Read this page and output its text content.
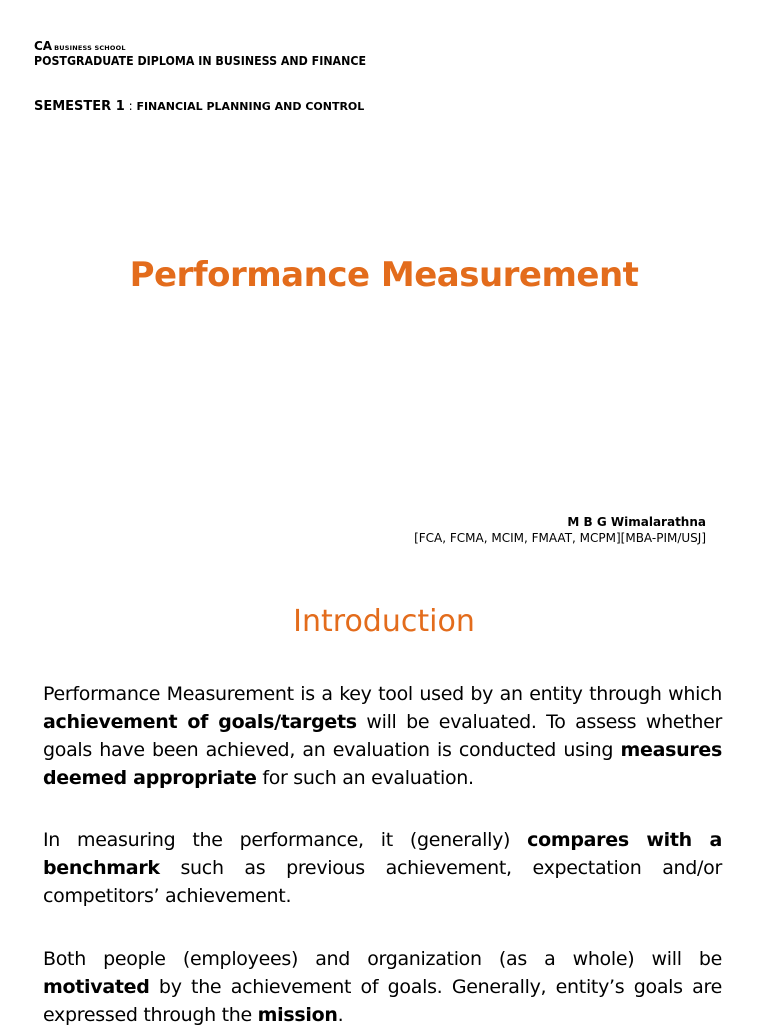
CA BUSINESS SCHOOL
POSTGRADUATE DIPLOMA IN BUSINESS AND FINANCE
SEMESTER 1 : FINANCIAL PLANNING AND CONTROL
Performance Measurement
M B G Wimalarathna
[FCA, FCMA, MCIM, FMAAT, MCPM][MBA-PIM/USJ]
Introduction
Performance Measurement is a key tool used by an entity through which achievement of goals/targets will be evaluated. To assess whether goals have been achieved, an evaluation is conducted using measures deemed appropriate for such an evaluation.
In measuring the performance, it (generally) compares with a benchmark such as previous achievement, expectation and/or competitors’ achievement.
Both people (employees) and organization (as a whole) will be motivated by the achievement of goals. Generally, entity’s goals are expressed through the mission.
